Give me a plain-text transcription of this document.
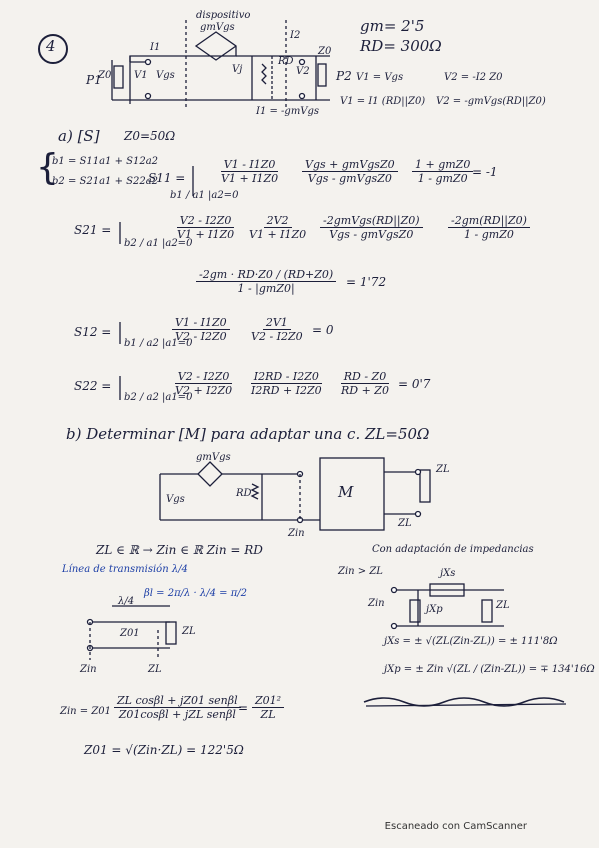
4
gm= 2'5
RD= 300Ω
dispositivo
gmVgs
P1	P2
Z0
Z0
V1 Vgs
I1
I2
Vj
RD
V2
V1 = Vgs	V2 = -I2 Z0
I1 = -gmVgs
V1 = I1 (RD||Z0) V2 = -gmVgs(RD||Z0)
a) [S] Z0=50Ω
{
b1 = S11a1 + S12a2
b2 = S21a1 + S22a2
S11 =
b1 / a1 |a2=0
$\frac{V1 - I1Z0}{V1 + I1Z0}$ Vgs + gmVgsZ0
Vgs - gmVgsZ0
1 + gmZ0
1 - gmZ0 = -1
S21 =
b2 / a1 |a2=0
$\frac{V2 - I2Z0}{V1 + I1Z0} \frac{2V2}{V1 + I1Z0}$ -2gmVgs(RD||Z0)
Vgs - gmVgsZ0
-2gm(RD||Z0)
1 - gmZ0
-2gm · RD·Z0 / (RD+Z0)
1 - |gmZ0|	= 1'72
S12 =
b1 / a2 |a1=0
$\frac{V1 - I1Z0}{V2 - I2Z0} \frac{2V1}{V2 - I2Z0} = 0$
S22 =
b2 / a2 |a1=0
$\frac{V2 - I2Z0}{V2 + I2Z0} \frac{I2RD - I2Z0}{I2RD + I2Z0} \frac{RD - Z0}{RD + Z0} = 0'7$
b) Determinar [M] para adaptar una c. ZL=50Ω
gmVgs
Vgs
RD	M
ZL
Zin
ZL
ZL ∈ ℝ → Zin ∈ ℝ Zin = RD
Línea de transmisión λ/4
βl = 2π/λ · λ/4 = π/2
λ/4
Z01	ZL
Zin	ZL
Zin = Z01
ZL cosβl + jZ01 senβl
Z01cosβl + jZL $sen\beta l = \frac{\text{Z01²}}{ZL}$
Z01 = √(Zin·ZL) = 122'5Ω
Con adaptación de impedancias
Zin > ZL	jXs
jXp
Zin	ZL
jXs = ± √(ZL(Zin-ZL)) = ± 111'8Ω
jXp = ± Zin √(ZL / (Zin-ZL)) = ∓ 134'16Ω
Escaneado con CamScanner
